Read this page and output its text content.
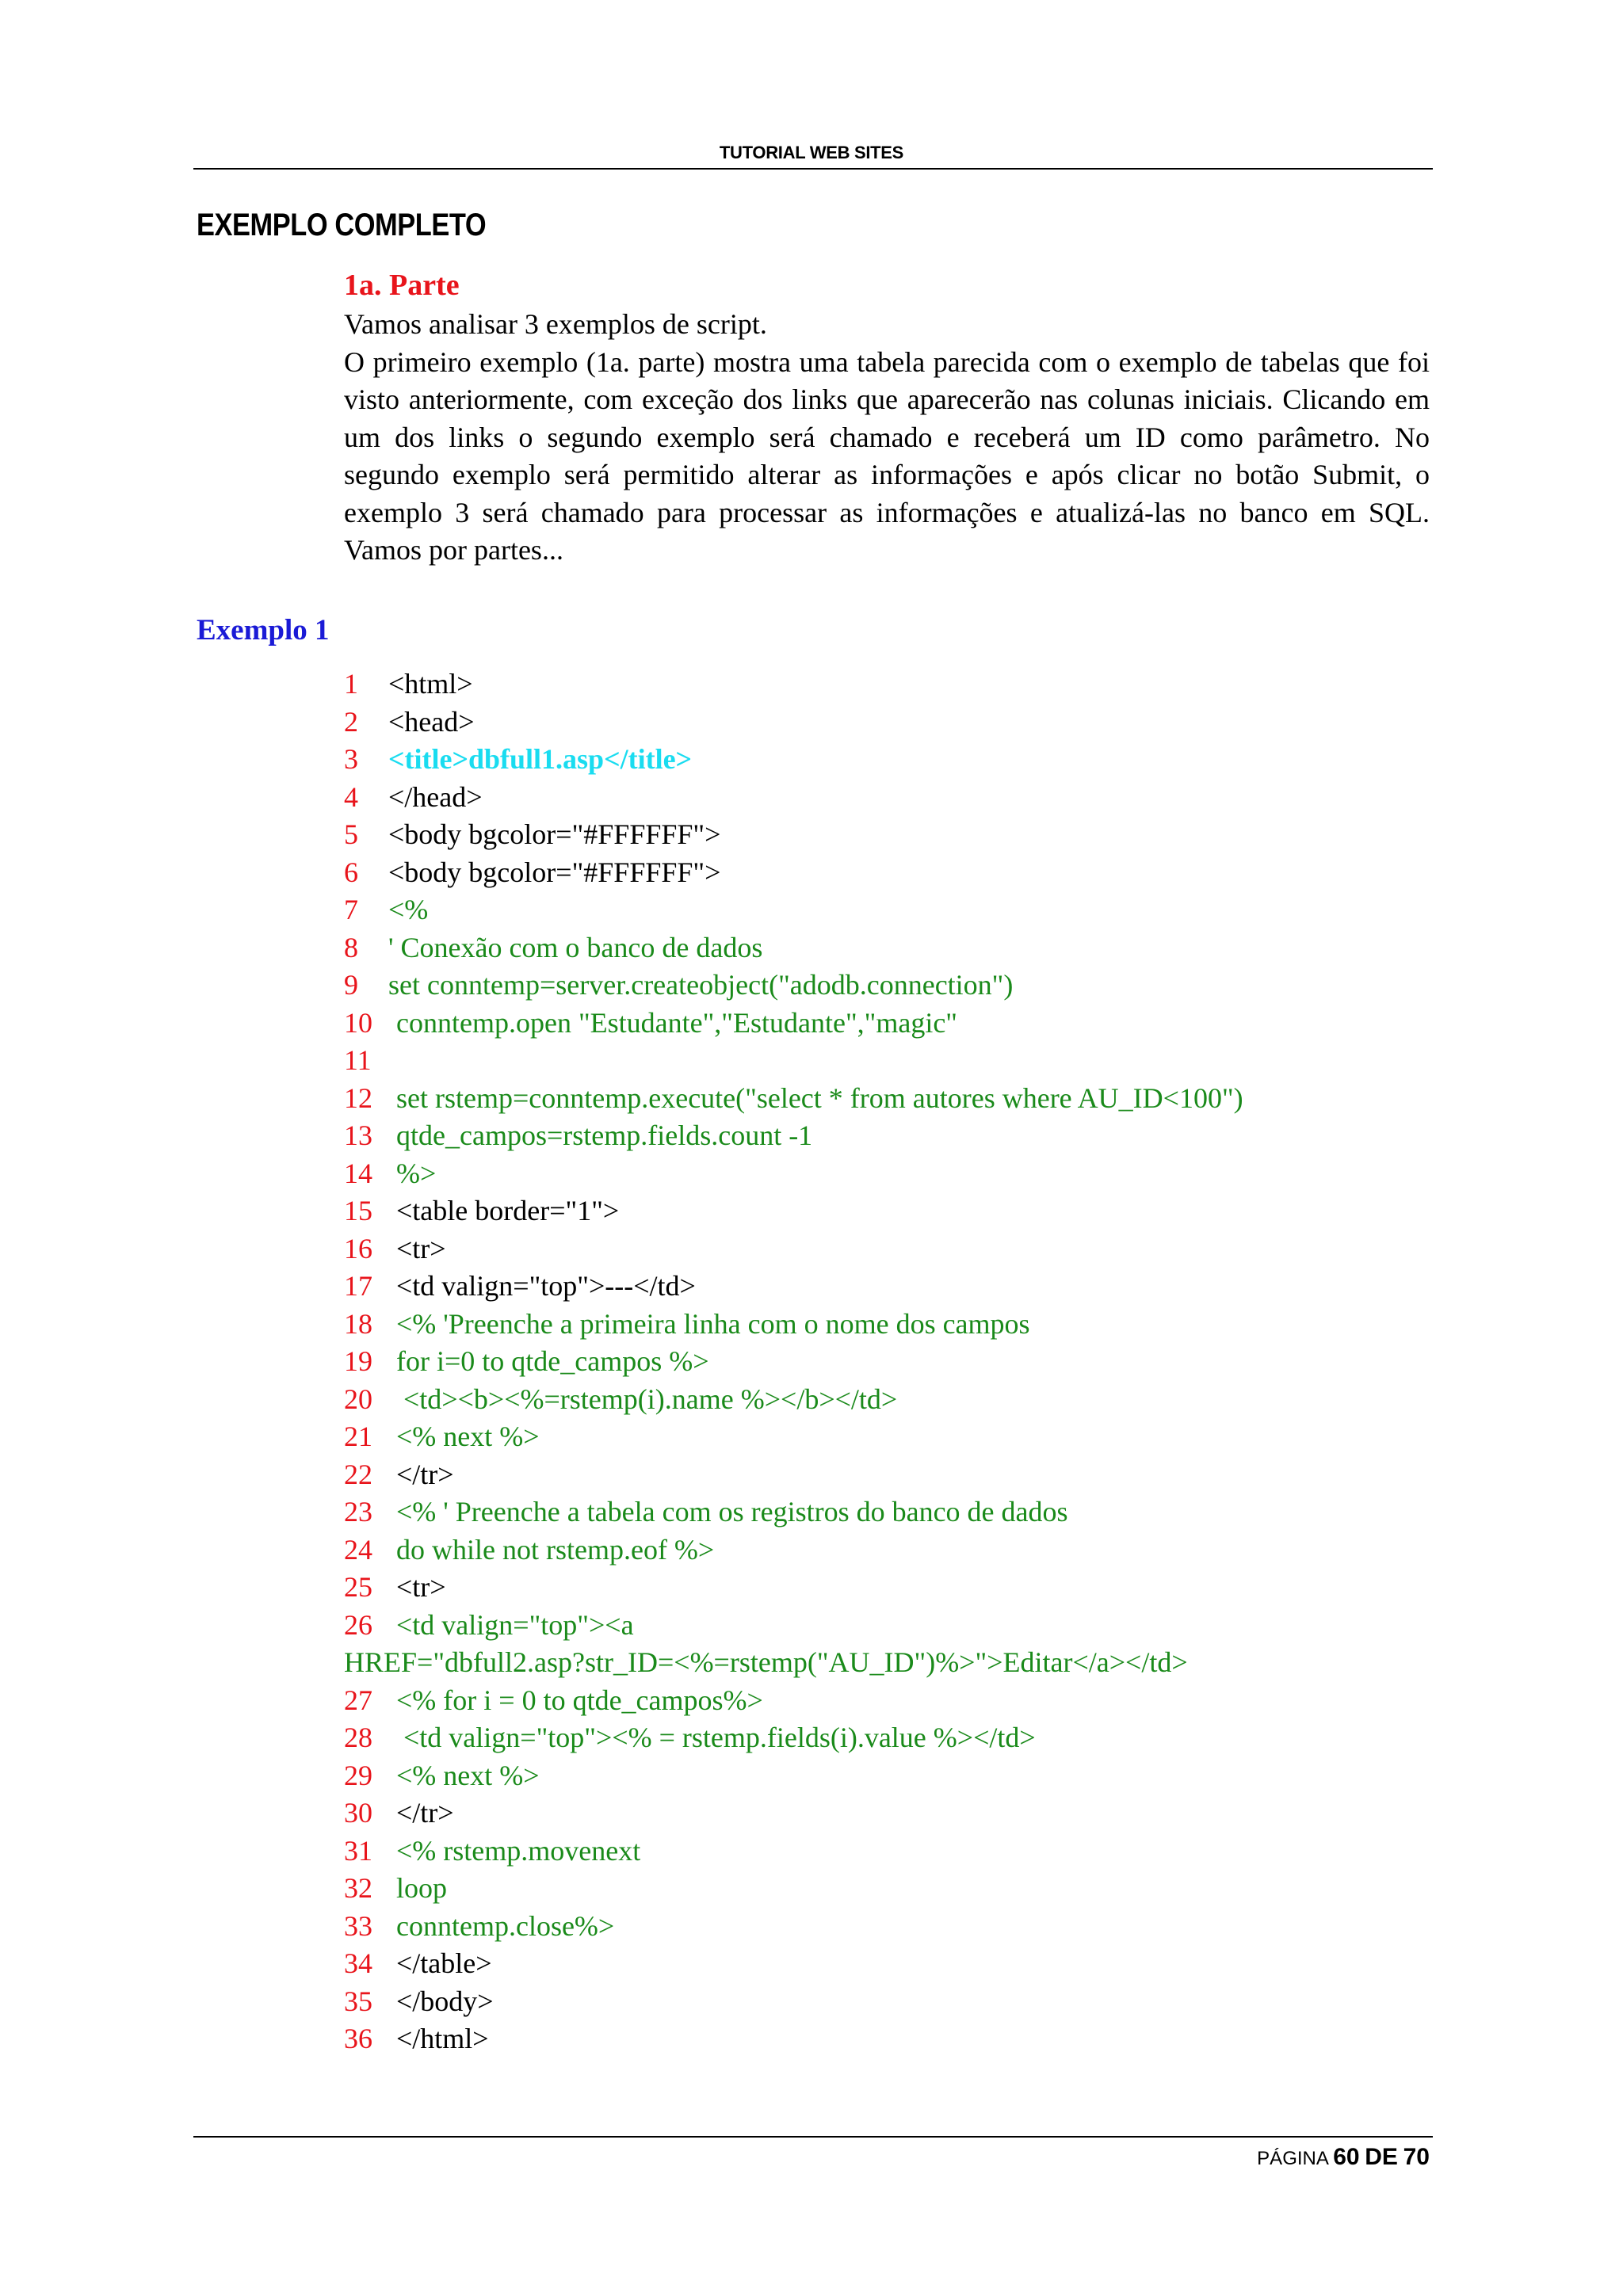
TUTORIAL WEB SITES
EXEMPLO COMPLETO
1a. Parte

Vamos analisar 3 exemplos de script.

O primeiro exemplo (1a. parte) mostra uma tabela parecida com o exemplo de tabelas que foi visto anteriormente, com exceção dos links que aparecerão nas colunas iniciais. Clicando em um dos links o segundo exemplo será chamado e receberá um ID como parâmetro. No segundo exemplo será permitido alterar as informações e após clicar no botão Submit, o exemplo 3 será chamado para processar as informações e atualizá-las no banco em SQL. Vamos por partes...

Exemplo 1
1 <html>
2 <head>
3 <title>dbfull1.asp</title>
4 </head>
5 <body bgcolor="#FFFFFF">
6 <body bgcolor="#FFFFFF">
7 <%
8 ' Conexão com o banco de dados
9 set conntemp=server.createobject("adodb.connection")
10 conntemp.open "Estudante","Estudante","magic"
11
12 set rstemp=conntemp.execute("select * from autores where AU_ID<100")
13 qtde_campos=rstemp.fields.count -1
14 %>
15 <table border="1">
16 <tr>
17 <td valign="top">---</td>
18 <% 'Preenche a primeira linha com o nome dos campos
19 for i=0 to qtde_campos %>
20 <td><b><%=rstemp(i).name %></b></td>
21 <% next %>
22 </tr>
23 <% ' Preenche a tabela com os registros do banco de dados
24 do while not rstemp.eof %>
25 <tr>
26 <td valign="top"><a
HREF="dbfull2.asp?str_ID=<%=rstemp("AU_ID")%>">Editar</a></td>
27 <% for i = 0 to qtde_campos%>
28 <td valign="top"><% = rstemp.fields(i).value %></td>
29 <% next %>
30 </tr>
31 <% rstemp.movenext
32 loop
33 conntemp.close%>
34 </table>
35 </body>
36 </html>
PÁGINA 60 DE 70
